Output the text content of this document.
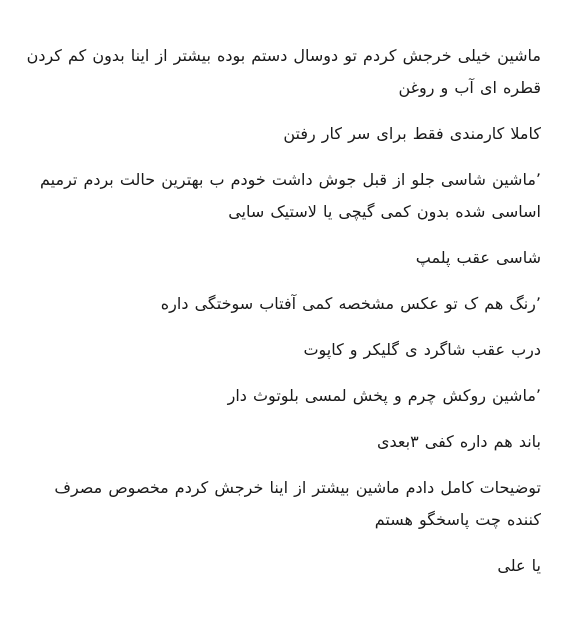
ماشین خیلی خرجش کردم تو دوسال دستم بوده بیشتر از اینا بدون کم کردن قطره ای آب و روغن

کاملا کارمندی فقط برای سر کار رفتن

٬ماشین شاسی جلو از قبل جوش داشت خودم ب بهترین حالت بردم ترمیم اساسی شده بدون کمی گیچی یا لاستیک سایی

شاسی عقب پلمپ

٬رنگ هم ک تو عکس مشخصه کمی آفتاب سوختگی داره

درب عقب شاگرد ی گلیکر و کاپوت

٬ماشین روکش چرم و پخش لمسی بلوتوث دار

باند هم داره کفی ۳بعدی

توضیحات کامل دادم ماشین بیشتر از اینا خرجش کردم مخصوص مصرف کننده چت پاسخگو هستم

یا علی
